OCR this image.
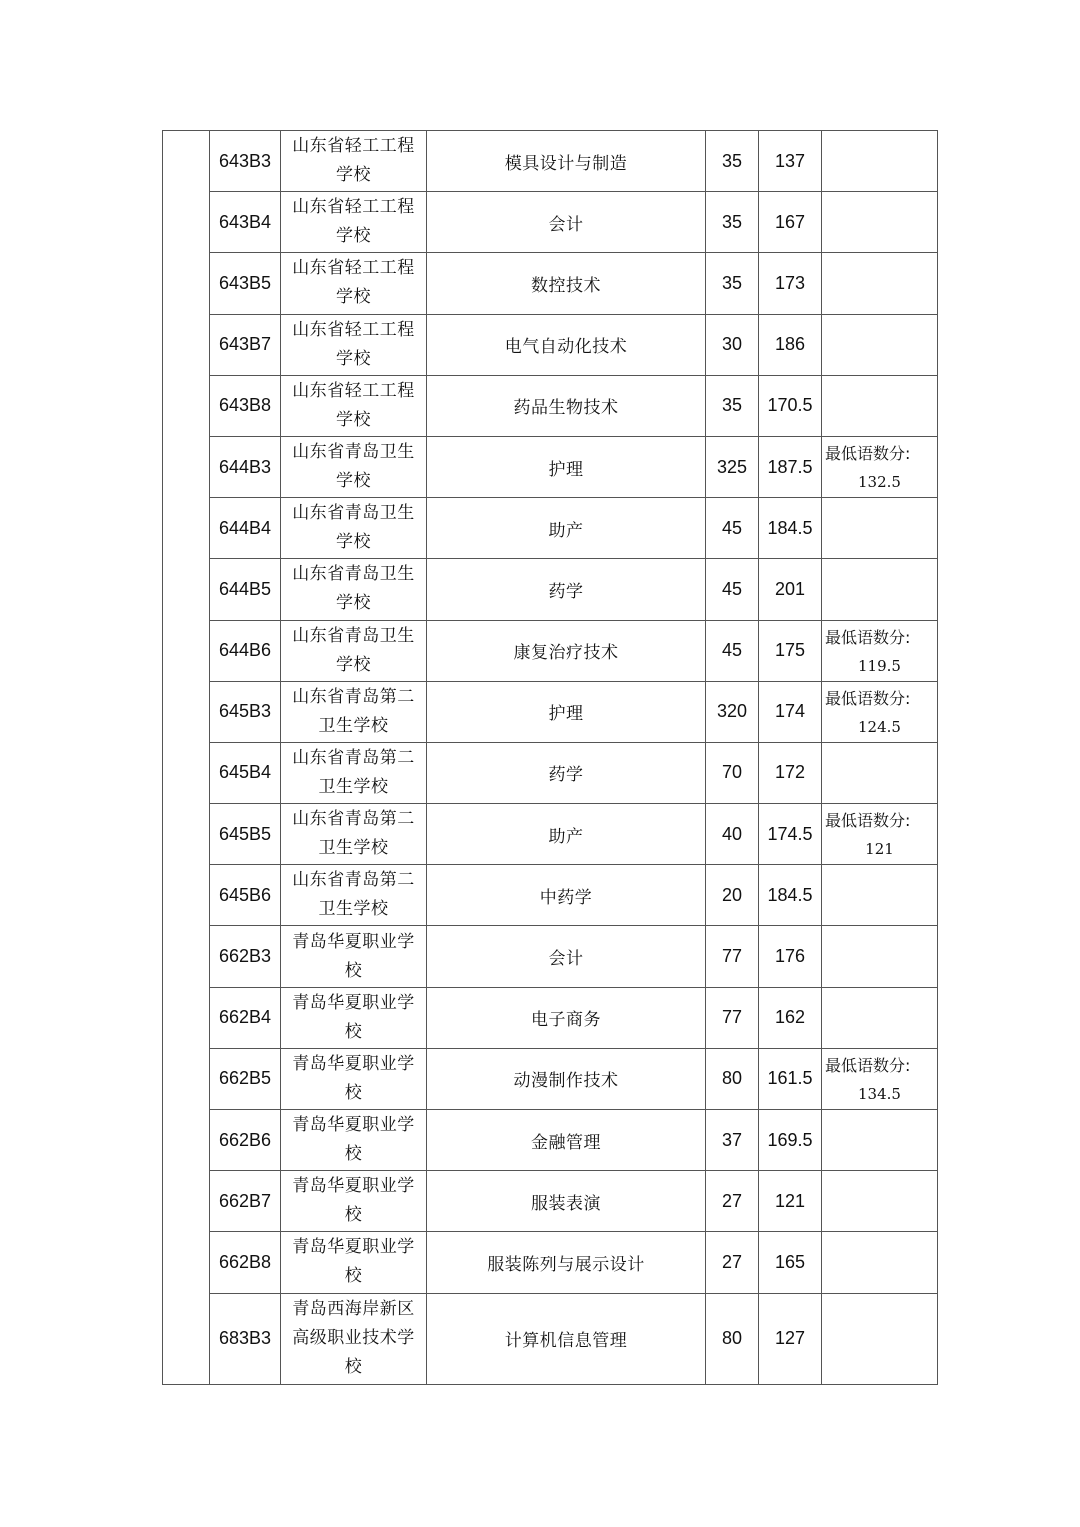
	643B3	山东省轻工工程
学校	模具设计与制造	35	137	
	643B4	山东省轻工工程
学校	会计	35	167	
	643B5	山东省轻工工程
学校	数控技术	35	173	
	643B7	山东省轻工工程
学校	电气自动化技术	30	186	
	643B8	山东省轻工工程
学校	药品生物技术	35	170.5	
	644B3	山东省青岛卫生
学校	护理	325	187.5	最低语数分:
132.5

	644B4	山东省青岛卫生
学校	助产	45	184.5	
	644B5	山东省青岛卫生
学校	药学	45	201	
	644B6	山东省青岛卫生
学校	康复治疗技术	45	175	最低语数分:
119.5

	645B3	山东省青岛第二
卫生学校	护理	320	174	最低语数分:
124.5

	645B4	山东省青岛第二
卫生学校	药学	70	172	
	645B5	山东省青岛第二
卫生学校	助产	40	174.5	最低语数分:
121

	645B6	山东省青岛第二
卫生学校	中药学	20	184.5	
	662B3	青岛华夏职业学
校	会计	77	176	
	662B4	青岛华夏职业学
校	电子商务	77	162	
	662B5	青岛华夏职业学
校	动漫制作技术	80	161.5	最低语数分:
134.5

	662B6	青岛华夏职业学
校	金融管理	37	169.5	
	662B7	青岛华夏职业学
校	服装表演	27	121	
	662B8	青岛华夏职业学
校	服装陈列与展示设计	27	165	
	683B3	青岛西海岸新区
高级职业技术学
校	计算机信息管理	80	127	
